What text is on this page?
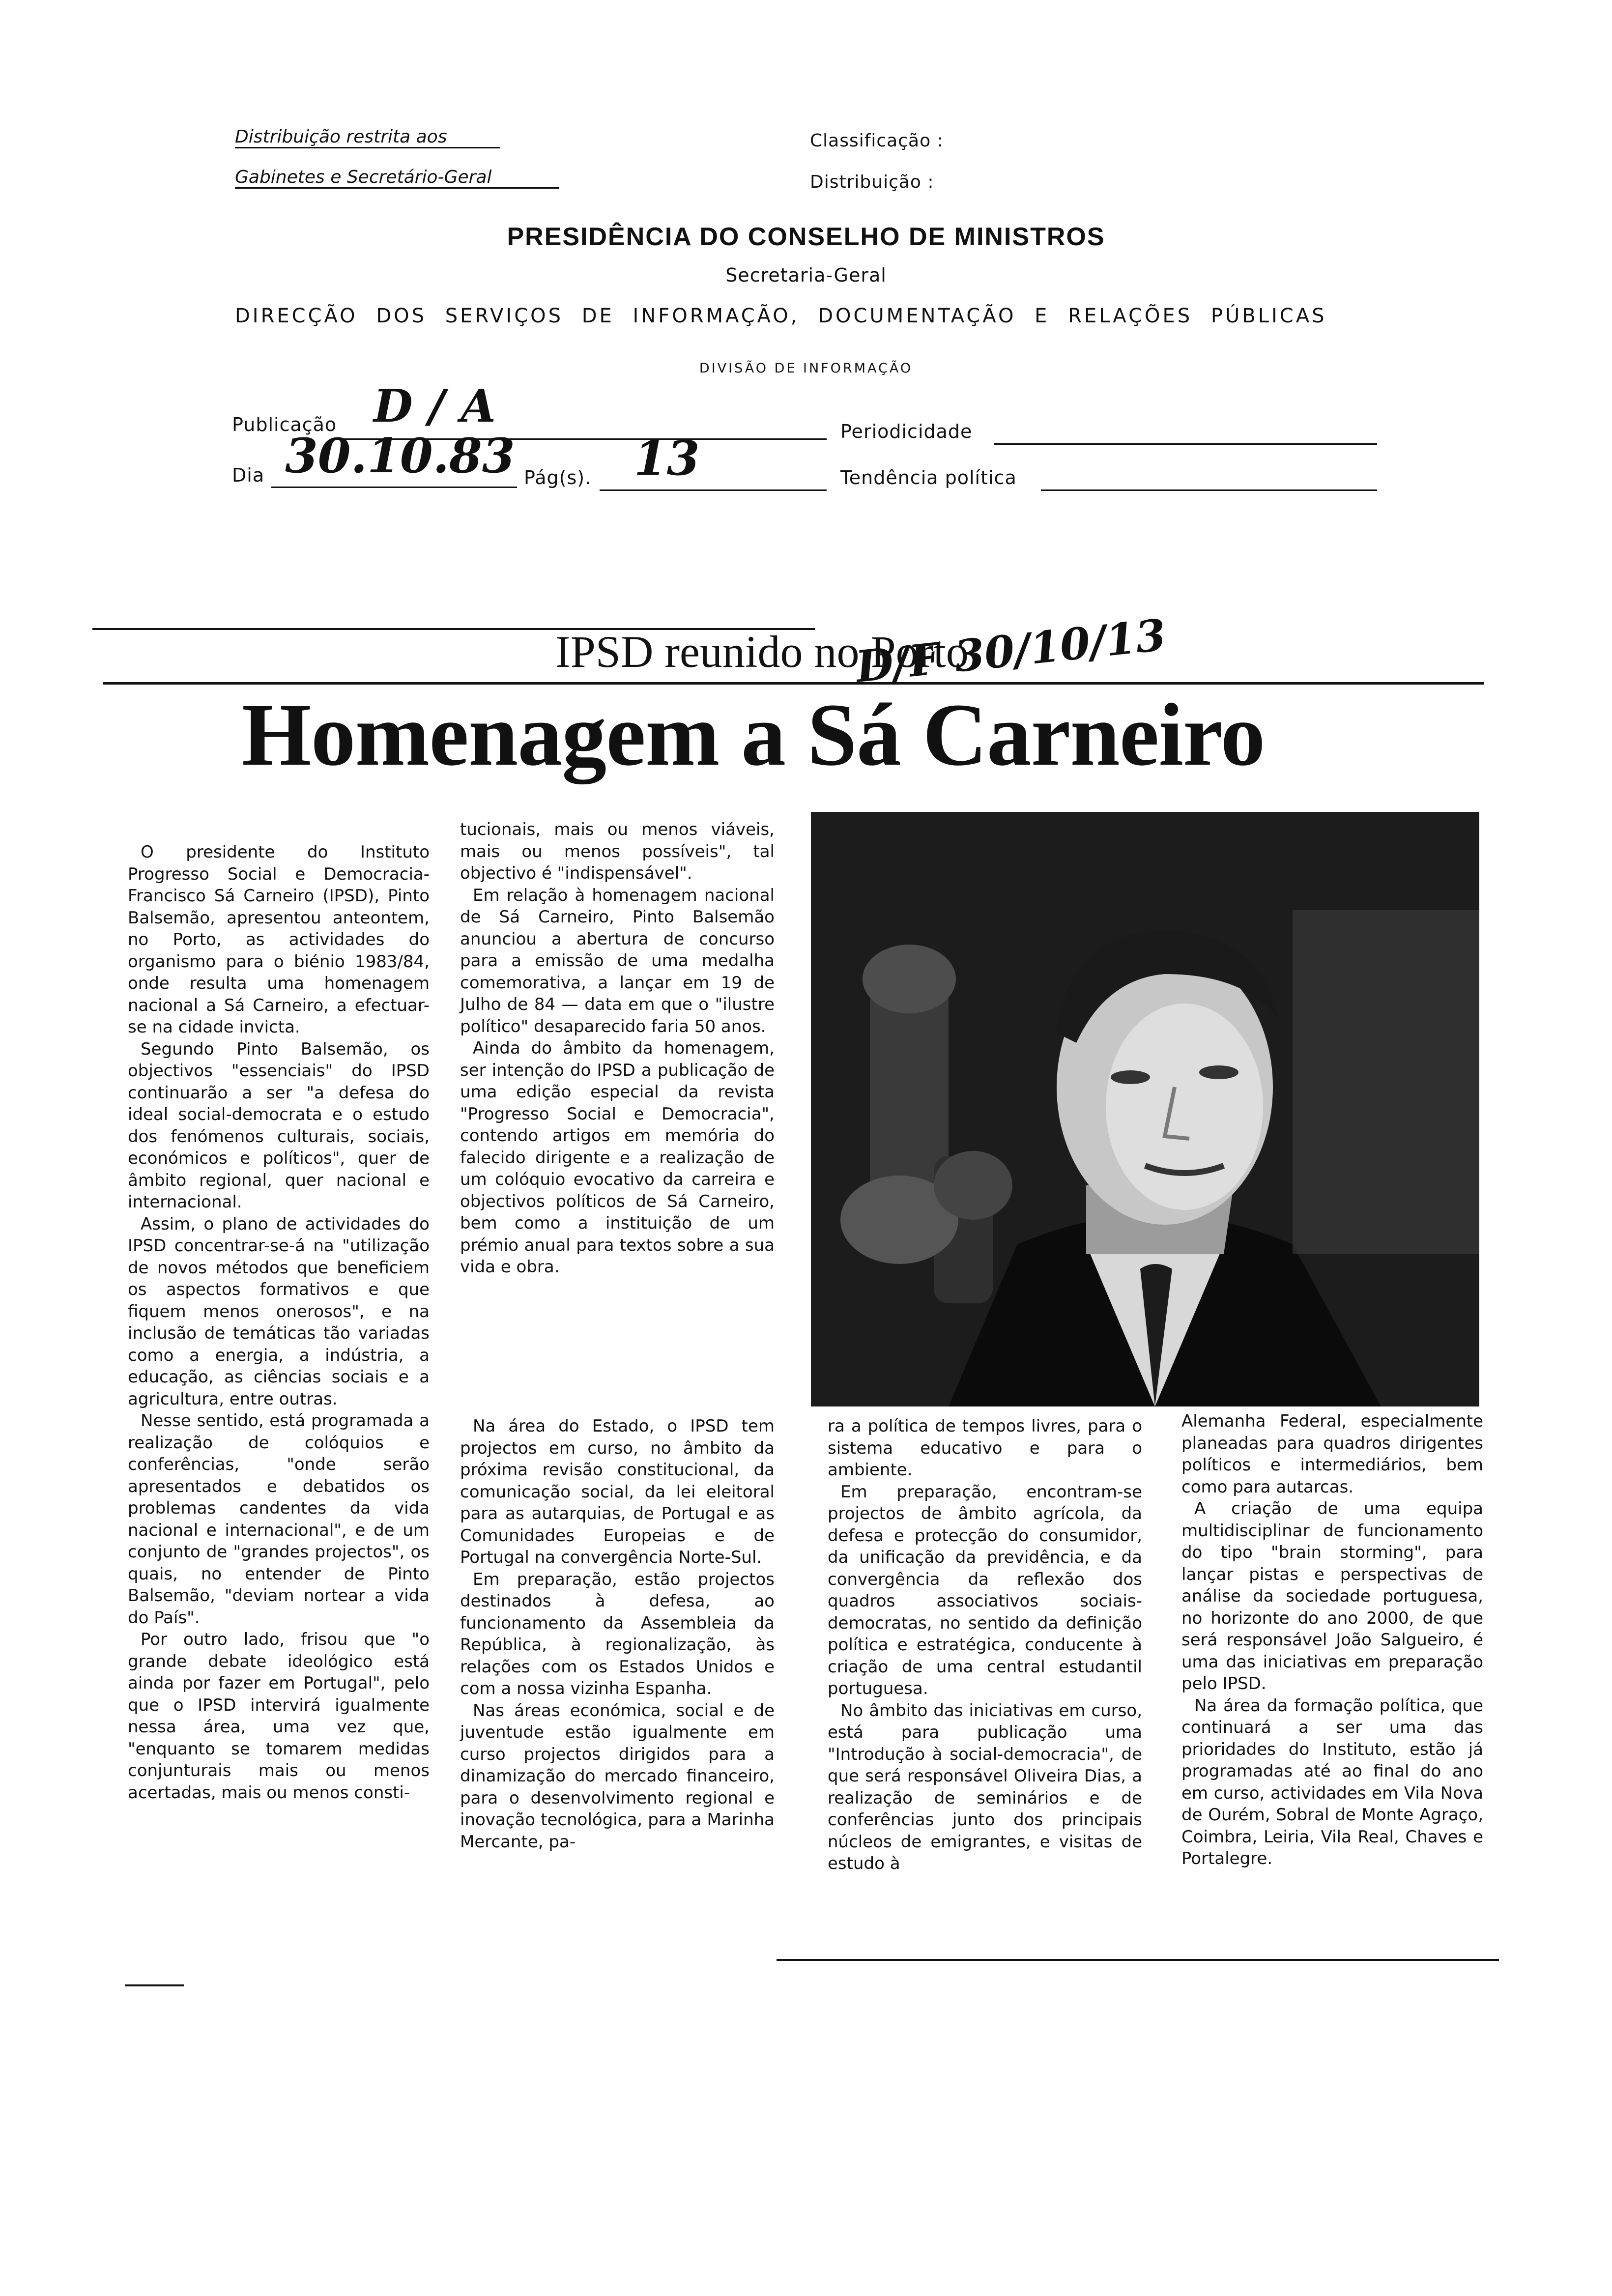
Distribuição restrita aos
Gabinetes e Secretário-Geral
Classificação :
Distribuição :
PRESIDÊNCIA DO CONSELHO DE MINISTROS
Secretaria-Geral
DIRECÇÃO DOS SERVIÇOS DE INFORMAÇÃO, DOCUMENTAÇÃO E RELAÇÕES PÚBLICAS
DIVISÃO DE INFORMAÇÃO
Publicação D / A	Periodicidade
Dia 30.10.83 Pág(s). 13	Tendência política
IPSD reunido no Porto
D/F 30/10/13
Homenagem a Sá Carneiro

O presidente do Instituto Progresso Social e Democracia-Francisco Sá Carneiro (IPSD), Pinto Balsemão, apresentou anteontem, no Porto, as actividades do organismo para o biénio 1983/84, onde resulta uma homenagem nacional a Sá Carneiro, a efectuar-se na cidade invicta.

Segundo Pinto Balsemão, os objectivos "essenciais" do IPSD continuarão a ser "a defesa do ideal social-democrata e o estudo dos fenómenos culturais, sociais, económicos e políticos", quer de âmbito regional, quer nacional e internacional.

Assim, o plano de actividades do IPSD concentrar-se-á na "utilização de novos métodos que beneficiem os aspectos formativos e que fiquem menos onerosos", e na inclusão de temáticas tão variadas como a energia, a indústria, a educação, as ciências sociais e a agricultura, entre outras.

Nesse sentido, está programada a realização de colóquios e conferências, "onde serão apresentados e debatidos os problemas candentes da vida nacional e internacional", e de um conjunto de "grandes projectos", os quais, no entender de Pinto Balsemão, "deviam nortear a vida do País".

Por outro lado, frisou que "o grande debate ideológico está ainda por fazer em Portugal", pelo que o IPSD intervirá igualmente nessa área, uma vez que, "enquanto se tomarem medidas conjunturais mais ou menos acertadas, mais ou menos consti-

tucionais, mais ou menos viáveis, mais ou menos possíveis", tal objectivo é "indispensável".

Em relação à homenagem nacional de Sá Carneiro, Pinto Balsemão anunciou a abertura de concurso para a emissão de uma medalha comemorativa, a lançar em 19 de Julho de 84 — data em que o "ilustre político" desaparecido faria 50 anos.

Ainda do âmbito da homenagem, ser intenção do IPSD a publicação de uma edição especial da revista "Progresso Social e Democracia", contendo artigos em memória do falecido dirigente e a realização de um colóquio evocativo da carreira e objectivos políticos de Sá Carneiro, bem como a instituição de um prémio anual para textos sobre a sua vida e obra.

Na área do Estado, o IPSD tem projectos em curso, no âmbito da próxima revisão constitucional, da comunicação social, da lei eleitoral para as autarquias, de Portugal e as Comunidades Europeias e de Portugal na convergência Norte-Sul.

Em preparação, estão projectos destinados à defesa, ao funcionamento da Assembleia da República, à regionalização, às relações com os Estados Unidos e com a nossa vizinha Espanha.

Nas áreas económica, social e de juventude estão igualmente em curso projectos dirigidos para a dinamização do mercado financeiro, para o desenvolvimento regional e inovação tecnológica, para a Marinha Mercante, pa-

ra a política de tempos livres, para o sistema educativo e para o ambiente.

Em preparação, encontram-se projectos de âmbito agrícola, da defesa e protecção do consumidor, da unificação da previdência, e da convergência da reflexão dos quadros associativos sociais-democratas, no sentido da definição política e estratégica, conducente à criação de uma central estudantil portuguesa.

No âmbito das iniciativas em curso, está para publicação uma "Introdução à social-democracia", de que será responsável Oliveira Dias, a realização de seminários e de conferências junto dos principais núcleos de emigrantes, e visitas de estudo à

Alemanha Federal, especialmente planeadas para quadros dirigentes políticos e intermediários, bem como para autarcas.

A criação de uma equipa multidisciplinar de funcionamento do tipo "brain storming", para lançar pistas e perspectivas de análise da sociedade portuguesa, no horizonte do ano 2000, de que será responsável João Salgueiro, é uma das iniciativas em preparação pelo IPSD.

Na área da formação política, que continuará a ser uma das prioridades do Instituto, estão já programadas até ao final do ano em curso, actividades em Vila Nova de Ourém, Sobral de Monte Agraço, Coimbra, Leiria, Vila Real, Chaves e Portalegre.
